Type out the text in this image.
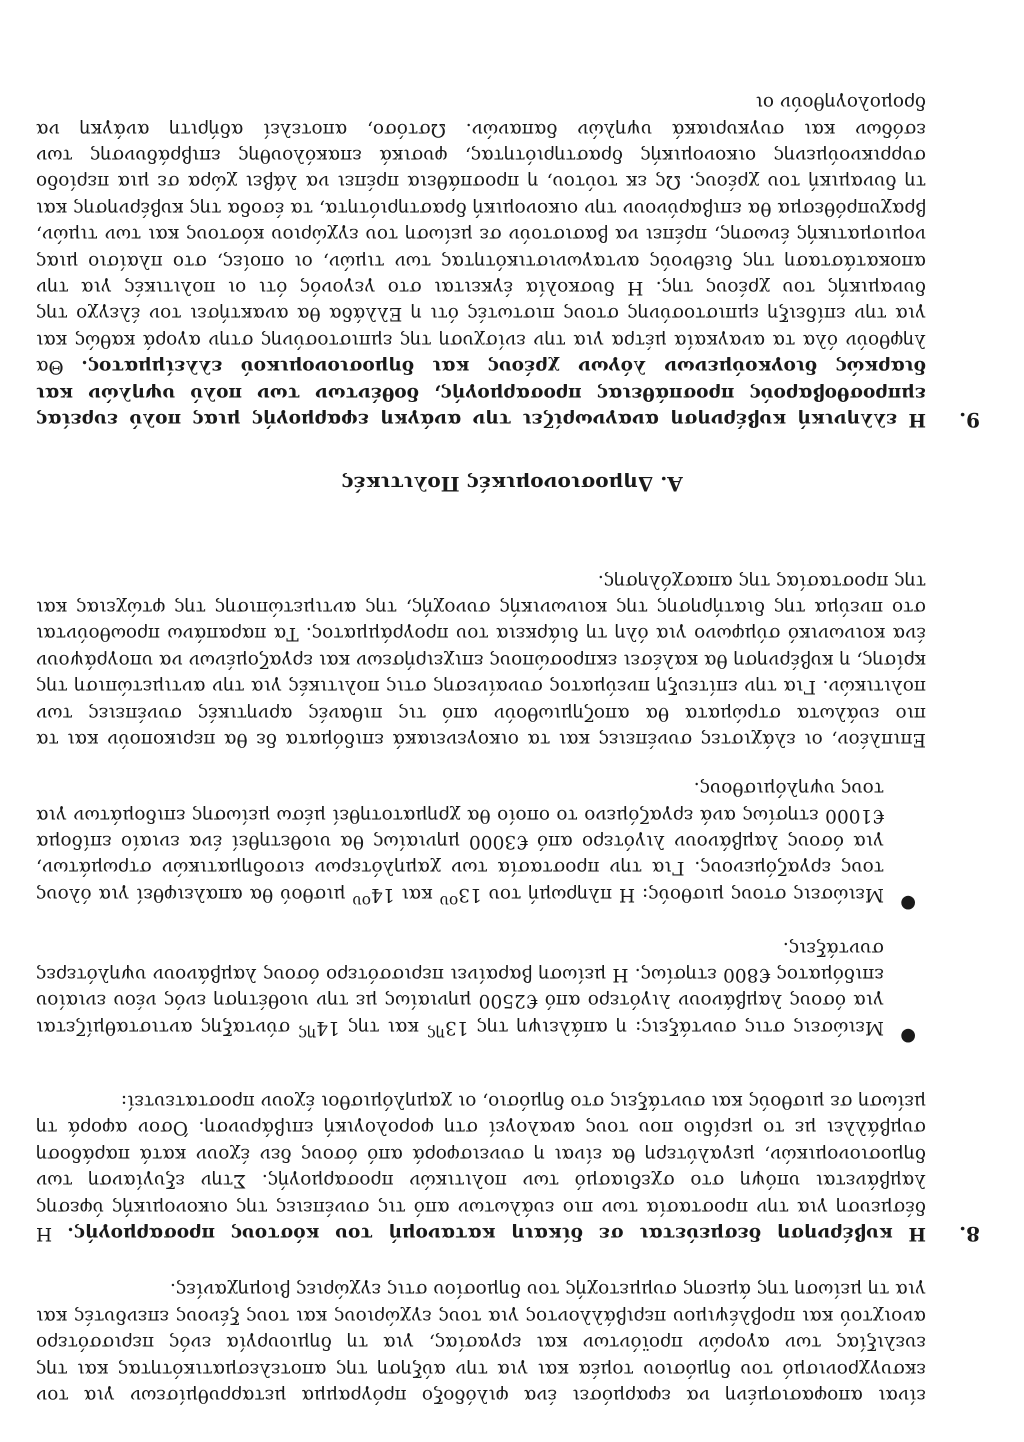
είναι αποφασισμένη να εφαρμόσει ένα φιλόδοξο πρόγραμμα μεταρρυθμίσεων για τον εκσυγχρονισμό του δημόσιου τομέα και για την αύξηση της αποτελεσματικότητας και της ευελιξίας των αγορών προϊόντων και εργασίας, για τη δημιουργία ενός περισσότερο ανοιχτού και προβλέψιμου περιβάλλοντος για τους εγχώριους και τους ξένους επενδυτές και για τη μείωση της άμεσης συμμετοχής του δημοσίου στις εγχώριες βιομηχανίες.

8.

Η κυβέρνηση δεσμεύεται σε δίκαιη κατανομή του κόστους προσαρμογής. Η δέσμευση για την προστασία των πιο ευάλωτων από τις συνέπειες της οικονομικής ύφεσης λαμβάνεται υπόψη στο σχεδιασμό των πολιτικών προσαρμογής. Στην εξυγίανση των δημοσιονομικών, μεγαλύτερη θα είναι η συνεισφορά από όσους δεν έχουν κατά παράδοση συμβάλλει με το μερίδιο που τους αναλογεί στη φορολογική επιβάρυνση. Όσον αφορά τη μείωση σε μισθούς και συντάξεις στο δημόσιο, οι χαμηλόμισθοι έχουν προστατευτεί:

●

Μειώσεις στις συντάξεις: η απάλειψη της $13^{\eta\varsigma}$ και της $14^{\eta\varsigma}$ σύνταξης αντισταθμίζεται για όσους λαμβάνουν λιγότερο από €2500 μηνιαίως με την υιοθέτηση ενός νέου ενιαίου επιδόματος €800 ετησίως. Η μείωση βαραίνει περισσότερο όσους λαμβάνουν υψηλότερες συντάξεις.

●

Μειώσεις στους μισθούς: Η πληρωμή του $13^{o\upsilon}$ και $14^{o\upsilon}$ μισθού θα απαλειφθεί για όλους τους εργαζόμενους. Για την προστασία των χαμηλότερων εισοδηματικών στρωμάτων, για όσους λαμβάνουν λιγότερο από €3000 μηνιαίως θα υιοθετηθεί ένα ενιαίο επίδομα €1000 ετησίως ανά εργαζόμενο το οποίο θα χρηματοτηθεί μέσω μείωσης επιδομάτων για τους υψηλόμισθους.

Επιπλέον, οι ελάχιστες συνέπειες και τα οικογενειακά επιδόματα δε θα περικοπούν και τα πιο ευάλωτα στρώματα θα αποζημιωθούν από τις πιθανές αρνητικές συνέπειες των πολιτικών. Για την επίτευξη πνεύματος συναίνεσης στις πολιτικές για την αντιμετώπιση της κρίσης, η κυβέρνηση θα καλέσει εκπροσώπους επιχειρήσεων και εργαζομένων να υπογράψουν ένα κοινωνικό σύμφωνο για όλη τη διάρκεια του προγράμματος. Τα παραπάνω προωθούνται στο πνεύμα της διατήρησης της κοινωνικής συνοχής, της αντιμετώπισης της φτώχειας και της προστασίας της απασχόλησης.

Α. Δημοσιονομικές Πολιτικές
9.

Η ελληνική κυβέρνηση αναγνωρίζει την ανάγκη εφαρμογής μιας πολύ ευρείας εμπροσθοβαρούς προσπάθειας προσαρμογής, δοθέντων των πολύ υψηλών και διαρκώς διογκούμενων λόγων χρέους και δημοσιονομικού ελλείμματος. Θα ληφθούν όλα τα αναγκαία μέτρα για την ενίσχυση της εμπιστοσύνης στην αγορά καθώς και για την επίδειξη εμπιστοσύνης στους πιστωτές ότι η Ελλάδα θα ανακτήσει τον έλεγχο της δυναμικής του χρέους της. Η δυσκολία έγκειται στο γεγονός ότι οι πολιτικές για την αποκατάσταση της διεθνούς ανταγωνιστικότητας των τιμών, οι οποίες, στο πλαίσιο μιας νομισματικής ένωσης, πρέπει να βασιστούν σε μείωση του εγχώριου κόστους και των τιμών, βραχυπρόθεσμα θα επιβαρύνουν την οικονομική δραστηριότητα, τα έσοδα της κυβέρνησης και τη δυναμική του χρέους. Ως εκ τούτου, η προσπάθεια πρέπει να λάβει χώρα σε μια περίοδο συρρικνούμενης οικονομικής δραστηριότητας, φυσικά επακόλουθης επιβράδυνσης των εσόδων και συγκυριακά υψηλών δαπανών. Ωστόσο, αποτελεί αδήριτη ανάγκη να δρομολογηθούν οι
